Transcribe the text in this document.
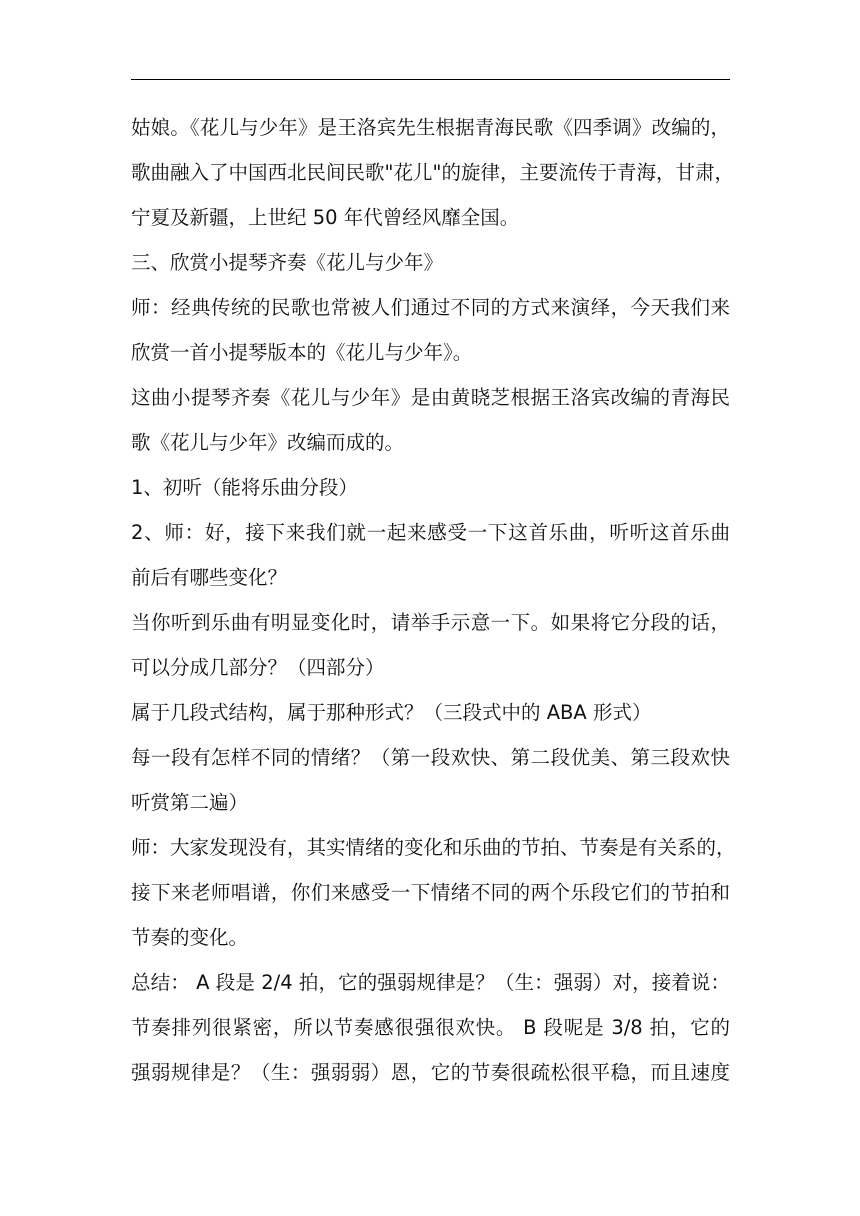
姑娘。《花儿与少年》是王洛宾先生根据青海民歌《四季调》改编的，
歌曲融入了中国西北民间民歌"花儿"的旋律，主要流传于青海，甘肃，
宁夏及新疆，上世纪 50 年代曾经风靡全国。
三、欣赏小提琴齐奏《花儿与少年》
师：经典传统的民歌也常被人们通过不同的方式来演绎，今天我们来
欣赏一首小提琴版本的《花儿与少年》。
这曲小提琴齐奏《花儿与少年》是由黄晓芝根据王洛宾改编的青海民
歌《花儿与少年》改编而成的。
1、初听（能将乐曲分段）
2、师：好，接下来我们就一起来感受一下这首乐曲，听听这首乐曲
前后有哪些变化？
当你听到乐曲有明显变化时，请举手示意一下。如果将它分段的话，
可以分成几部分？（四部分）
属于几段式结构，属于那种形式？（三段式中的 ABA 形式）
每一段有怎样不同的情绪？（第一段欢快、第二段优美、第三段欢快
听赏第二遍）
师：大家发现没有，其实情绪的变化和乐曲的节拍、节奏是有关系的，
接下来老师唱谱，你们来感受一下情绪不同的两个乐段它们的节拍和
节奏的变化。
总结： A 段是 2/4 拍，它的强弱规律是？（生：强弱）对，接着说：
节奏排列很紧密，所以节奏感很强很欢快。 B 段呢是 3/8 拍，它的
强弱规律是？（生：强弱弱）恩，它的节奏很疏松很平稳，而且速度
